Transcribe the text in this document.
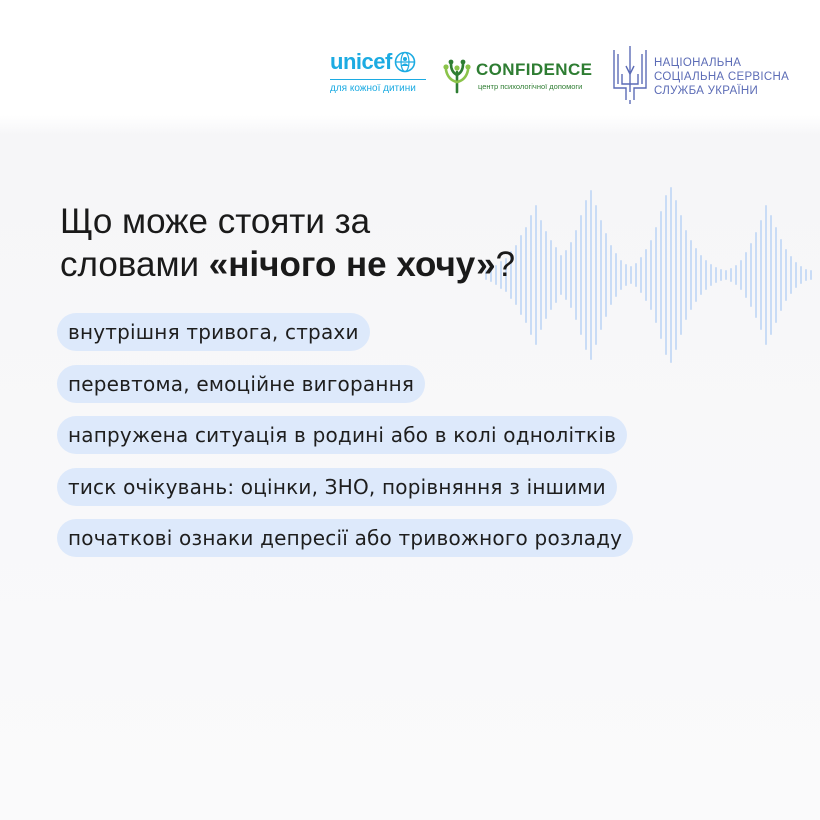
unicef
для кожної дитини
CONFIDENCE
центр психологічної допомоги
НАЦІОНАЛЬНА
СОЦІАЛЬНА СЕРВІСНА
СЛУЖБА УКРАЇНИ
Що може стояти за
словами «нічого не хочу»?
внутрішня тривога, страхи
перевтома, емоційне вигорання
напружена ситуація в родині або в колі однолітків
тиск очікувань: оцінки, ЗНО, порівняння з іншими
початкові ознаки депресії або тривожного розладу
